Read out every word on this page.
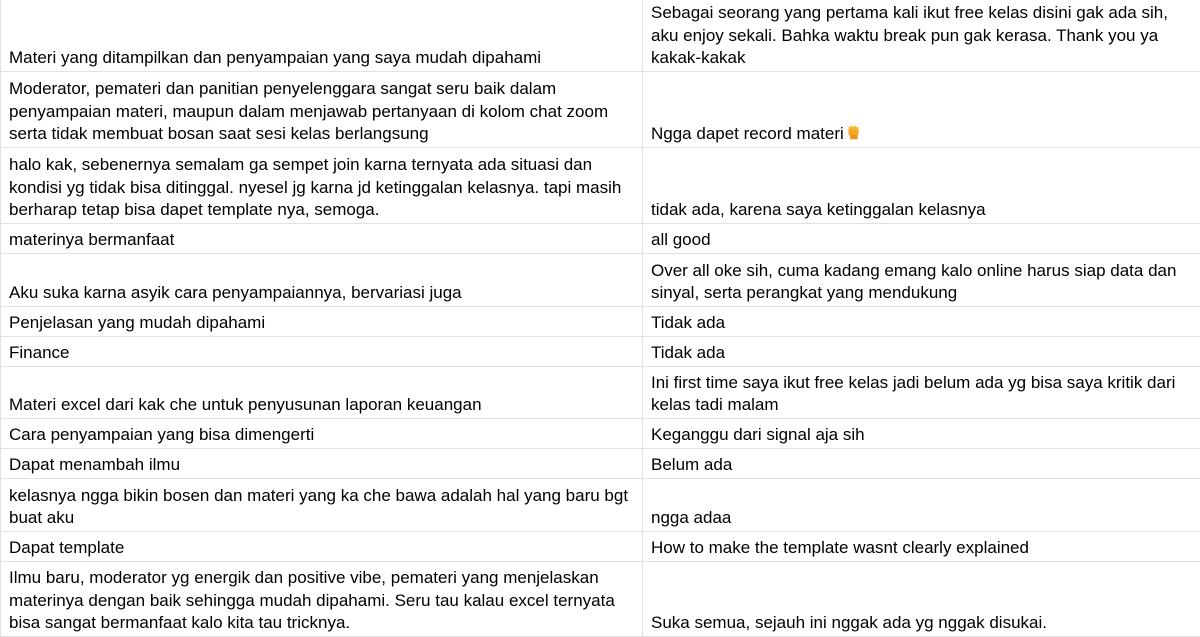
Materi yang ditampilkan dan penyampaian yang saya mudah dipahami	Sebagai seorang yang pertama kali ikut free kelas disini gak ada sih, aku enjoy sekali. Bahka waktu break pun gak kerasa. Thank you ya kakak-kakak
Moderator, pemateri dan panitian penyelenggara sangat seru baik dalam penyampaian materi, maupun dalam menjawab pertanyaan di kolom chat zoom serta tidak membuat bosan saat sesi kelas berlangsung	Ngga dapet record materi
halo kak, sebenernya semalam ga sempet join karna ternyata ada situasi dan kondisi yg tidak bisa ditinggal. nyesel jg karna jd ketinggalan kelasnya. tapi masih berharap tetap bisa dapet template nya, semoga.	tidak ada, karena saya ketinggalan kelasnya
materinya bermanfaat	all good
Aku suka karna asyik cara penyampaiannya, bervariasi juga	Over all oke sih, cuma kadang emang kalo online harus siap data dan sinyal, serta perangkat yang mendukung
Penjelasan yang mudah dipahami	Tidak ada
Finance	Tidak ada
Materi excel dari kak che untuk penyusunan laporan keuangan	Ini first time saya ikut free kelas jadi belum ada yg bisa saya kritik dari kelas tadi malam
Cara penyampaian yang bisa dimengerti	Keganggu dari signal aja sih
Dapat menambah ilmu	Belum ada
kelasnya ngga bikin bosen dan materi yang ka che bawa adalah hal yang baru bgt buat aku	ngga adaa
Dapat template	How to make the template wasnt clearly explained
Ilmu baru, moderator yg energik dan positive vibe, pemateri yang menjelaskan materinya dengan baik sehingga mudah dipahami. Seru tau kalau excel ternyata bisa sangat bermanfaat kalo kita tau tricknya.	Suka semua, sejauh ini nggak ada yg nggak disukai.
